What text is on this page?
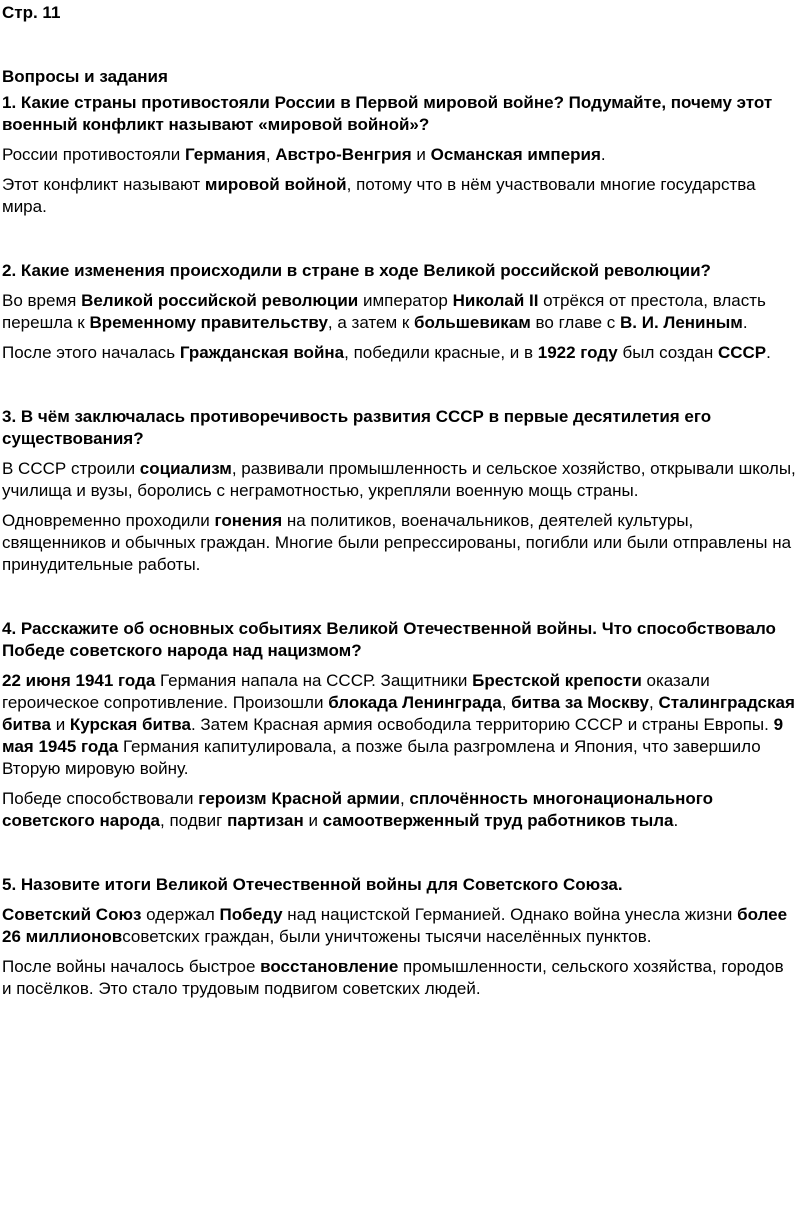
Стр. 11

Вопросы и задания

1. Какие страны противостояли России в Первой мировой войне? Подумайте, почему этот военный конфликт называют «мировой войной»?

России противостояли Германия, Австро-Венгрия и Османская империя.

Этот конфликт называют мировой войной, потому что в нём участвовали многие государства мира.

2. Какие изменения происходили в стране в ходе Великой российской революции?

Во время Великой российской революции император Николай II отрёкся от престола, власть перешла к Временному правительству, а затем к большевикам во главе с В. И. Лениным.

После этого началась Гражданская война, победили красные, и в 1922 году был создан СССР.

3. В чём заключалась противоречивость развития СССР в первые десятилетия его существования?

В СССР строили социализм, развивали промышленность и сельское хозяйство, открывали школы, училища и вузы, боролись с неграмотностью, укрепляли военную мощь страны.

Одновременно проходили гонения на политиков, военачальников, деятелей культуры, священников и обычных граждан. Многие были репрессированы, погибли или были отправлены на принудительные работы.

4. Расскажите об основных событиях Великой Отечественной войны. Что способствовало Победе советского народа над нацизмом?

22 июня 1941 года Германия напала на СССР. Защитники Брестской крепости оказали героическое сопротивление. Произошли блокада Ленинграда, битва за Москву, Сталинградская битва и Курская битва. Затем Красная армия освободила территорию СССР и страны Европы. 9 мая 1945 года Германия капитулировала, а позже была разгромлена и Япония, что завершило Вторую мировую войну.

Победе способствовали героизм Красной армии, сплочённость многонационального советского народа, подвиг партизан и самоотверженный труд работников тыла.

5. Назовите итоги Великой Отечественной войны для Советского Союза.

Советский Союз одержал Победу над нацистской Германией. Однако война унесла жизни более 26 миллионовсоветских граждан, были уничтожены тысячи населённых пунктов.

После войны началось быстрое восстановление промышленности, сельского хозяйства, городов и посёлков. Это стало трудовым подвигом советских людей.
